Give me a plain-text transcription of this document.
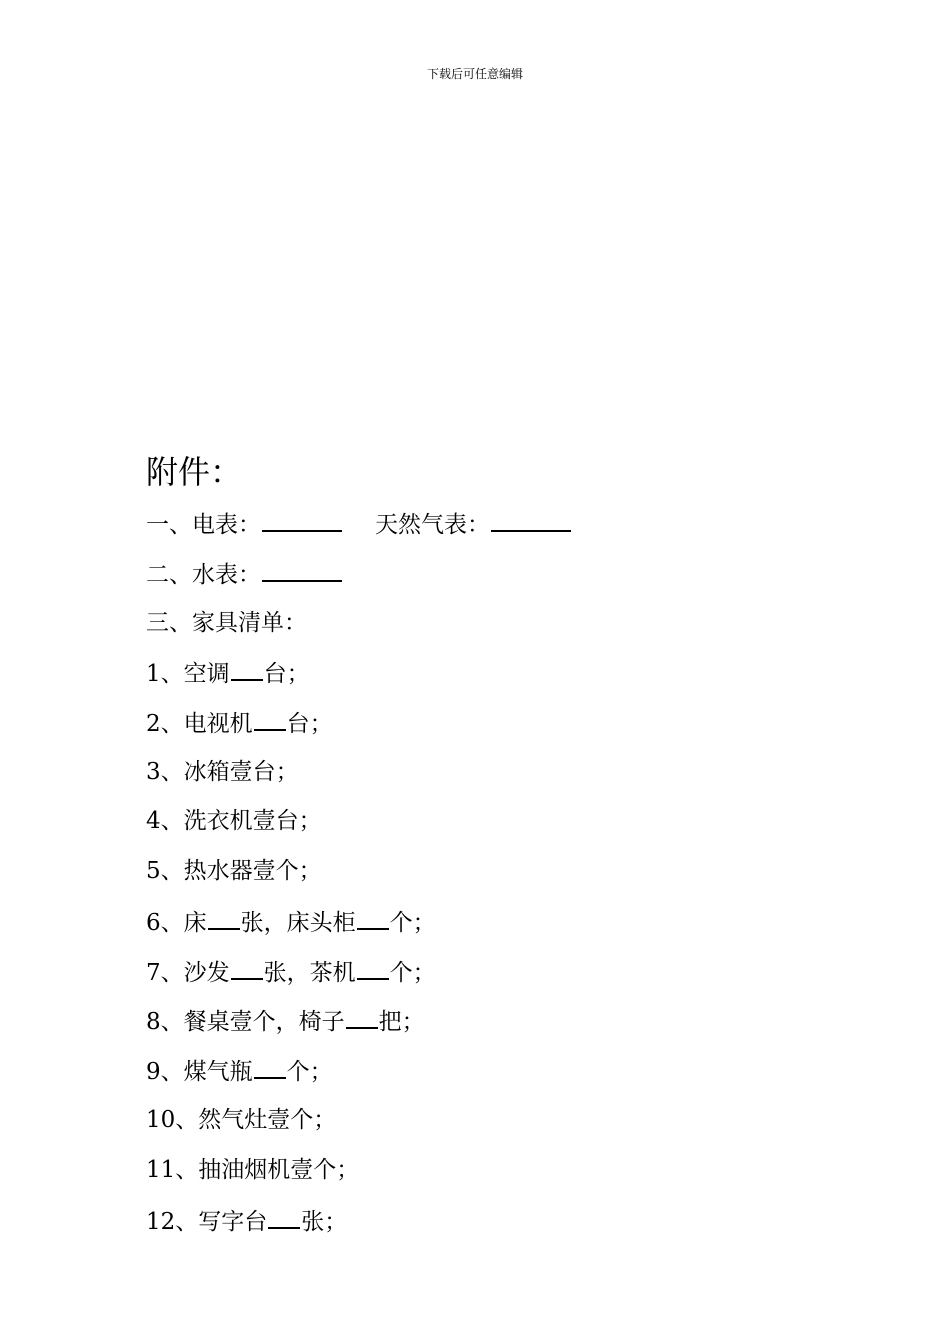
下载后可任意编辑
附件：
一、电表：	天然气表：
二、水表：
三、家具清单：
1、空调 台；
2、电视机 台；
3、冰箱壹台；
4、洗衣机壹台；
5、热水器壹个；
6、床 张，床头柜 个；
7、沙发 张，茶机 个；
8、餐桌壹个，椅子 把；
9、煤气瓶 个；
10、然气灶壹个；
11、抽油烟机壹个；
12、写字台 张；
